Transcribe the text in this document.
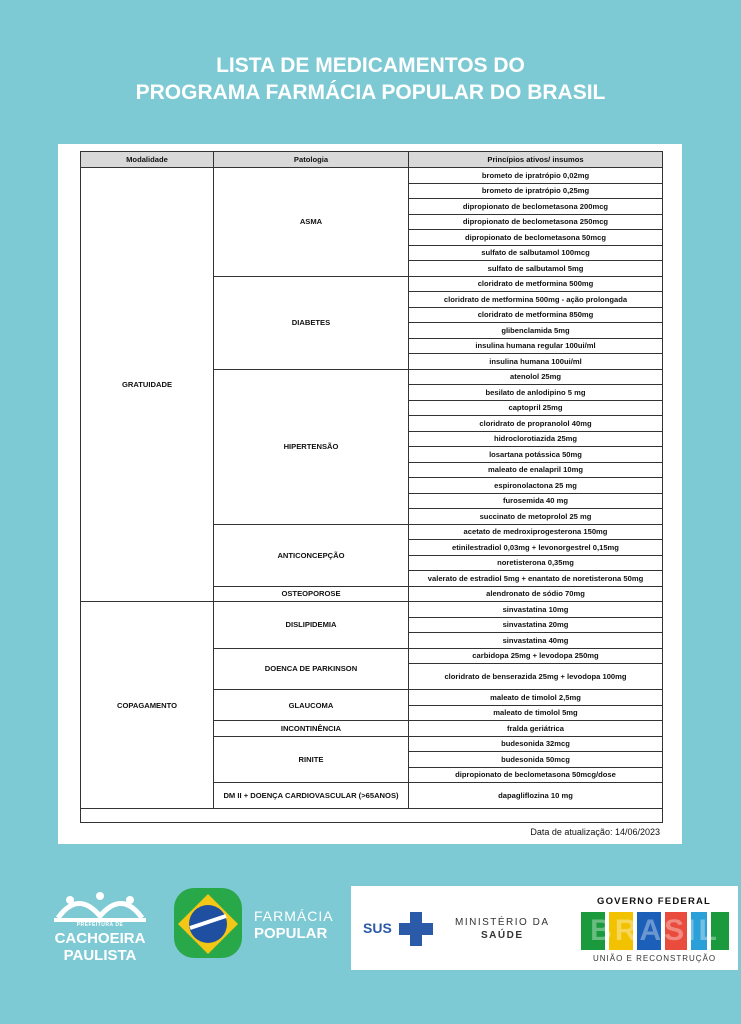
LISTA DE MEDICAMENTOS DO
PROGRAMA FARMÁCIA POPULAR DO BRASIL
Modalidade	Patologia	Princípios ativos/ insumos
GRATUIDADE	ASMA	brometo de ipratrópio 0,02mg
		brometo de ipratrópio 0,25mg
		dipropionato de beclometasona 200mcg
		dipropionato de beclometasona 250mcg
		dipropionato de beclometasona 50mcg
		sulfato de salbutamol 100mcg
		sulfato de salbutamol 5mg
	DIABETES	cloridrato de metformina 500mg
		cloridrato de metformina 500mg - ação prolongada
		cloridrato de metformina 850mg
		glibenclamida 5mg
		insulina humana regular 100ui/ml
		insulina humana 100ui/ml
	HIPERTENSÃO	atenolol 25mg
		besilato de anlodipino 5 mg
		captopril 25mg
		cloridrato de propranolol 40mg
		hidroclorotiazida 25mg
		losartana potássica 50mg
		maleato de enalapril 10mg
		espironolactona 25 mg
		furosemida 40 mg
		succinato de metoprolol 25 mg
	ANTICONCEPÇÃO	acetato de medroxiprogesterona 150mg
		etinilestradiol 0,03mg + levonorgestrel 0,15mg
		noretisterona 0,35mg
		valerato de estradiol 5mg + enantato de noretisterona 50mg
	OSTEOPOROSE	alendronato de sódio 70mg
COPAGAMENTO	DISLIPIDEMIA	sinvastatina 10mg
		sinvastatina 20mg
		sinvastatina 40mg
	DOENCA DE PARKINSON	carbidopa 25mg + levodopa 250mg
		cloridrato de benserazida 25mg + levodopa 100mg
	GLAUCOMA	maleato de timolol 2,5mg
		maleato de timolol 5mg
	INCONTINÊNCIA	fralda geriátrica
	RINITE	budesonida 32mcg
		budesonida 50mcg
		dipropionato de beclometasona 50mcg/dose
	DM II + DOENÇA CARDIOVASCULAR (>65ANOS)	dapagliflozina 10 mg

Data de atualização: 14/06/2023
PREFEITURA DE
CACHOEIRA
PAULISTA
FARMÁCIA
POPULAR	SUS	MINISTÉRIO DA
SAÚDE
GOVERNO FEDERAL
BRASIL
UNIÃO E RECONSTRUÇÃO
